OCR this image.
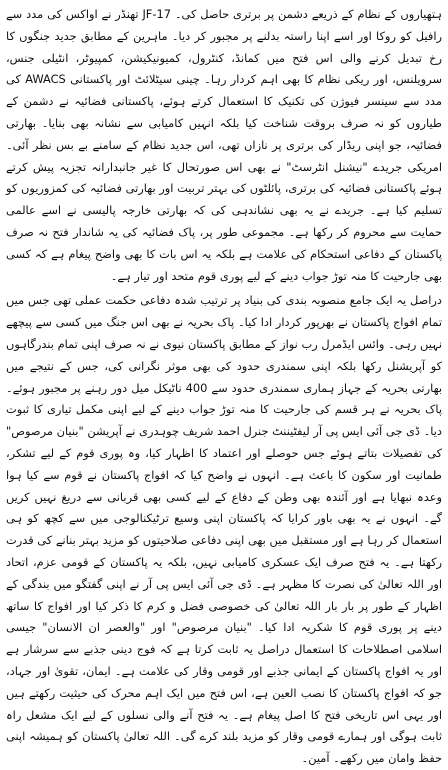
ہتھیاروں کے نظام کے ذریعے دشمن پر برتری حاصل کی۔ JF-17 تھنڈر نے اواکس کی مدد سے رافیل کو روکا اور اسے اپنا راستہ بدلنے پر مجبور کر دیا۔ ماہرین کے مطابق جدید جنگوں کا رخ تبدیل کرنے والی اس فتح میں کمانڈ، کنٹرول، کمیونیکیشن، کمپیوٹر، انٹیلی جنس، سرویلنس، اور ریکی نظام کا بھی اہم کردار رہا۔ چینی سیٹلائٹ اور پاکستانی AWACS کی مدد سے سینسر فیوژن کی تکنیک کا استعمال کرتے ہوئے، پاکستانی فضائیہ نے دشمن کے طیاروں کو نہ صرف بروقت شناخت کیا بلکہ انہیں کامیابی سے نشانہ بھی بنایا۔ بھارتی فضائیہ، جو اپنی ریڈار کی برتری پر نازاں تھی، اس جدید نظام کے سامنے بے بس نظر آئی۔ امریکی جریدے "نیشنل انٹرسٹ" نے بھی اس صورتحال کا غیر جانبدارانہ تجزیہ پیش کرتے ہوئے پاکستانی فضائیہ کی برتری، پائلٹوں کی بہتر تربیت اور بھارتی فضائیہ کی کمزوریوں کو تسلیم کیا ہے۔ جریدے نے یہ بھی نشاندہی کی کہ بھارتی خارجہ پالیسی نے اسے عالمی حمایت سے محروم کر رکھا ہے۔ مجموعی طور پر، پاک فضائیہ کی یہ شاندار فتح نہ صرف پاکستان کے دفاعی استحکام کی علامت ہے بلکہ یہ اس بات کا بھی واضح پیغام ہے کہ کسی بھی جارحیت کا منہ توڑ جواب دینے کے لیے پوری قوم متحد اور تیار ہے۔

دراصل یہ ایک جامع منصوبہ بندی کی بنیاد پر ترتیب شدہ دفاعی حکمت عملی تھی جس میں تمام افواج پاکستان نے بھرپور کردار ادا کیا۔ پاک بحریہ نے بھی اس جنگ میں کسی سے پیچھے نہیں رہی۔ وائس ایڈمرل رب نواز کے مطابق پاکستان نیوی نے نہ صرف اپنی تمام بندرگاہوں کو آپریشنل رکھا بلکہ اپنی سمندری حدود کی بھی موثر نگرانی کی، جس کے نتیجے میں بھارتی بحریہ کے جہاز ہماری سمندری حدود سے 400 ناٹیکل میل دور رہنے پر مجبور ہوئے۔ پاک بحریہ نے ہر قسم کی جارحیت کا منہ توڑ جواب دینے کے لیے اپنی مکمل تیاری کا ثبوت دیا۔ ڈی جی آئی ایس پی آر لیفٹیننٹ جنرل احمد شریف چوہدری نے آپریشن "بنیان مرصوص" کی تفصیلات بتاتے ہوئے جس حوصلے اور اعتماد کا اظہار کیا، وہ پوری قوم کے لیے تشکر، طمانیت اور سکون کا باعث ہے۔ انہوں نے واضح کیا کہ افواج پاکستان نے قوم سے کیا ہوا وعدہ نبھایا ہے اور آئندہ بھی وطن کے دفاع کے لیے کسی بھی قربانی سے دریغ نہیں کریں گے۔ انہوں نے یہ بھی باور کرایا کہ پاکستان اپنی وسیع ترٹیکنالوجی میں سے کچھ کو ہی استعمال کر رہا ہے اور مستقبل میں بھی اپنی دفاعی صلاحیتوں کو مزید بہتر بنانے کی قدرت رکھتا ہے۔ یہ فتح صرف ایک عسکری کامیابی نہیں، بلکہ یہ پاکستان کے قومی عزم، اتحاد اور اللہ تعالیٰ کی نصرت کا مظہر ہے۔ ڈی جی آئی ایس پی آر نے اپنی گفتگو میں بندگی کے اظہار کے طور پر بار بار اللہ تعالیٰ کی خصوصی فضل و کرم کا ذکر کیا اور افواج کا ساتھ دینے پر پوری قوم کا شکریہ ادا کیا۔ "بنیان مرصوص" اور "والعصر ان الانسان" جیسی اسلامی اصطلاحات کا استعمال دراصل یہ ثابت کرتا ہے کہ فوج دینی جذبے سے سرشار ہے اور یہ افواج پاکستان کے ایمانی جذبے اور قومی وقار کی علامت ہے۔ ایمان، تقویٰ اور جہاد، جو کہ افواج پاکستان کا نصب العین ہے، اس فتح میں ایک اہم محرک کی حیثیت رکھتے ہیں اور یہی اس تاریخی فتح کا اصل پیغام ہے۔ یہ فتح آنے والی نسلوں کے لیے ایک مشعل راہ ثابت ہوگی اور ہمارے قومی وقار کو مزید بلند کرے گی۔ اللہ تعالیٰ پاکستان کو ہمیشہ اپنی حفظ وامان میں رکھے۔ آمین۔
